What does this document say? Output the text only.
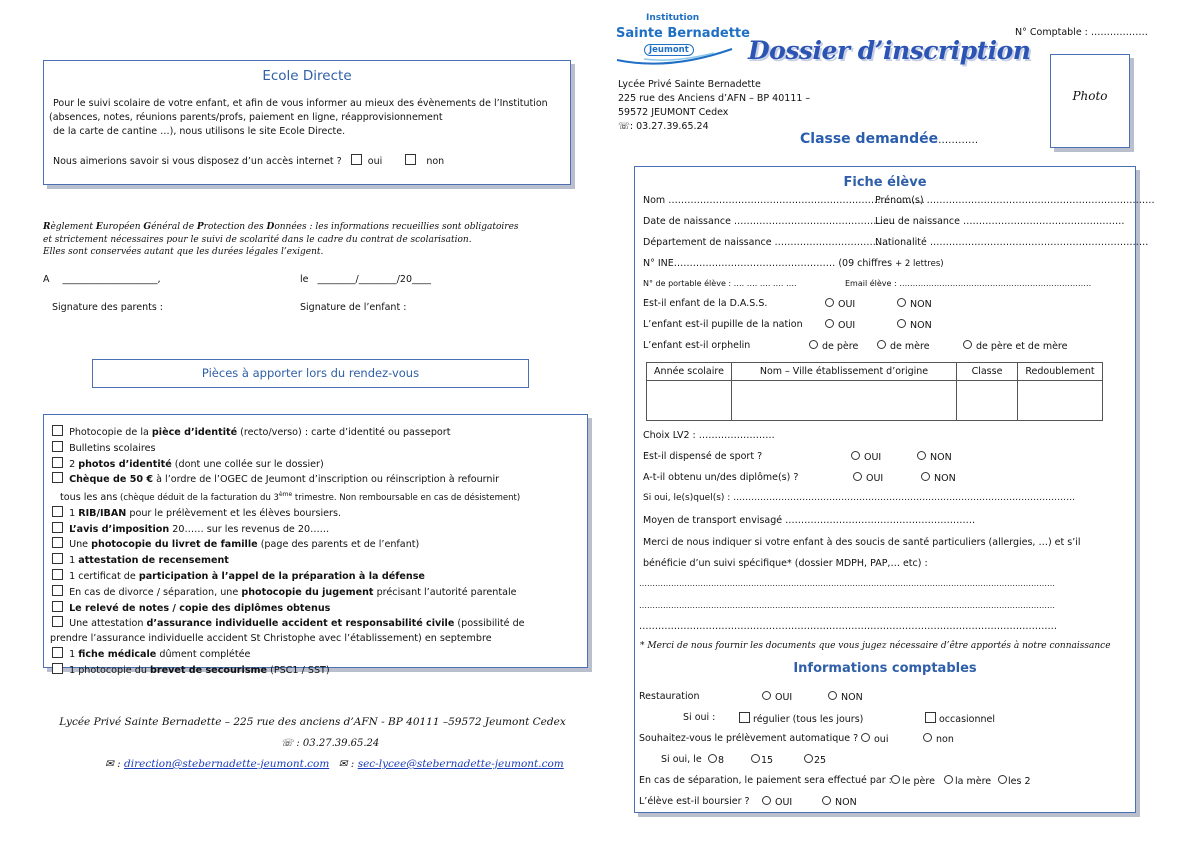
Ecole Directe
Pour le suivi scolaire de votre enfant, et afin de vous informer au mieux des évènements de l’Institution
(absences, notes, réunions parents/profs, paiement en ligne, réapprovisionnement
de la carte de cantine …), nous utilisons le site Ecole Directe.
Nous aimerions savoir si vous disposez d’un accès internet ?	oui	non
Règlement Européen Général de Protection des Données : les informations recueillies sont obligatoires
et strictement nécessaires pour le suivi de scolarité dans le cadre du contrat de scolarisation.
Elles sont conservées autant que les durées légales l’exigent.
A ____________________,	le ________/________/20____
Signature des parents :	Signature de l’enfant :
Pièces à apporter lors du rendez-vous
Photocopie de la pièce d’identité (recto/verso) : carte d’identité ou passeport
Bulletins scolaires
2 photos d’identité (dont une collée sur le dossier)
Chèque de 50 € à l’ordre de l’OGEC de Jeumont d’inscription ou réinscription à refournir
tous les ans (chèque déduit de la facturation du 3ème trimestre. Non remboursable en cas de désistement)
1 RIB/IBAN pour le prélèvement et les élèves boursiers.
L’avis d’imposition 20…… sur les revenus de 20……
Une photocopie du livret de famille (page des parents et de l’enfant)
1 attestation de recensement
1 certificat de participation à l’appel de la préparation à la défense
En cas de divorce / séparation, une photocopie du jugement précisant l’autorité parentale
Le relevé de notes / copie des diplômes obtenus
Une attestation d’assurance individuelle accident et responsabilité civile (possibilité de
prendre l’assurance individuelle accident St Christophe avec l’établissement) en septembre
1 fiche médicale dûment complétée
1 photocopie du brevet de secourisme (PSC1 / SST)
Lycée Privé Sainte Bernadette – 225 rue des anciens d’AFN - BP 40111 –59572 Jeumont Cedex
☏ : 03.27.39.65.24
✉ : direction@stebernadette-jeumont.com ✉ : sec-lycee@stebernadette-jeumont.com
Institution
Sainte Bernadette
Jeumont Dossier d’inscription
N° Comptable : ………………
Photo
Lycée Privé Sainte Bernadette
225 rue des Anciens d’AFN – BP 40111 –
59572 JEUMONT Cedex
☏: 03.27.39.65.24
Classe demandée…………
Fiche élève
Nom ………………………………………………………………………
Prénom(s) ………………………………………………………………
Date de naissance ……………………………………………
Lieu de naissance ……………………………………………
Département de naissance ………………………………
Nationalité ……………………………………………………………
N° INE…………………………………………… (09 chiffres + 2 lettres)
N° de portable élève : …. …. …. …. ….	Email élève : ………………………………………………………………
Est-il enfant de la D.A.S.S.	OUI	NON
L’enfant est-il pupille de la nation	OUI	NON
L’enfant est-il orphelin	de père	de mère	de père et de mère
Année scolaire	Nom – Ville établissement d’origine	Classe	Redoublement

Choix LV2 : ……………………
Est-il dispensé de sport ?	OUI	NON
A-t-il obtenu un/des diplôme(s) ?	OUI	NON
Si oui, le(s)quel(s) : ……………………………………………………………………………………………………
Moyen de transport envisagé ……………………………………………………
Merci de nous indiquer si votre enfant à des soucis de santé particuliers (allergies, …) et s’il
bénéficie d’un suivi spécifique* (dossier MDPH, PAP,… etc) :
…………………………………………………………………………………………………………………………………………
…………………………………………………………………………………………………………………………………………
……………………………………………………………………………………………………………………
* Merci de nous fournir les documents que vous jugez nécessaire d’être apportés à notre connaissance
Informations comptables
Restauration	OUI	NON
Si oui :	régulier (tous les jours)	occasionnel
Souhaitez-vous le prélèvement automatique ?	oui	non
Si oui, le	8	15	25
En cas de séparation, le paiement sera effectué par :	le père	la mère	les 2
L’élève est-il boursier ?	OUI	NON
